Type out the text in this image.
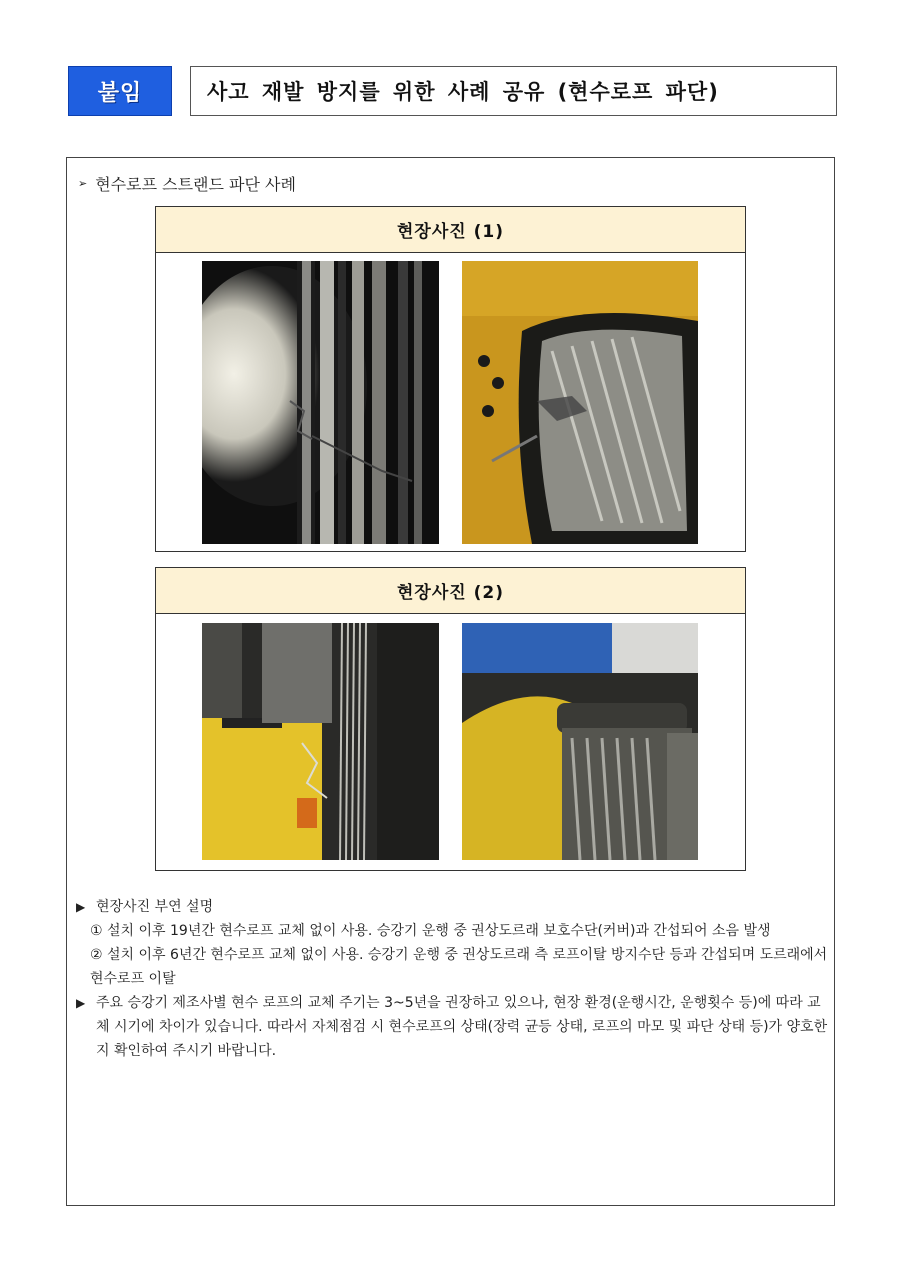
붙임	사고 재발 방지를 위한 사례 공유 (현수로프 파단)
➢ 현수로프 스트랜드 파단 사례
현장사진 (1)
현장사진 (2)
▶ 현장사진 부연 설명

① 설치 이후 19년간 현수로프 교체 없이 사용. 승강기 운행 중 권상도르래 보호수단(커버)과 간섭되어 소음 발생

② 설치 이후 6년간 현수로프 교체 없이 사용. 승강기 운행 중 권상도르래 측 로프이탈 방지수단 등과 간섭되며 도르래에서 현수로프 이탈

▶ 주요 승강기 제조사별 현수 로프의 교체 주기는 3~5년을 권장하고 있으나, 현장 환경(운행시간, 운행횟수 등)에 따라 교체 시기에 차이가 있습니다. 따라서 자체점검 시 현수로프의 상태(장력 균등 상태, 로프의 마모 및 파단 상태 등)가 양호한지 확인하여 주시기 바랍니다.
